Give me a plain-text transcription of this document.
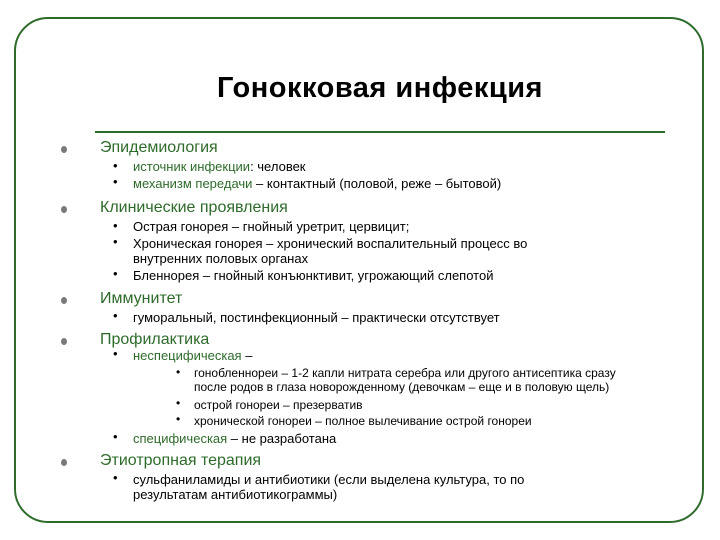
Гонокковая инфекция
Эпидемиология
• источник инфекции: человек
• механизм передачи – контактный (половой, реже – бытовой)
Клинические проявления
• Острая гонорея – гнойный уретрит, цервицит;
• Хроническая гонорея – хронический воспалительный процесс во
внутренних половых органах
• Бленнорея – гнойный конъюнктивит, угрожающий слепотой
Иммунитет
• гуморальный, постинфекционный – практически отсутствует
Профилактика
• неспецифическая –
• гонобленнореи – 1-2 капли нитрата серебра или другого антисептика сразу
после родов в глаза новорожденному (девочкам – еще и в половую щель)
• острой гонореи – презерватив
• хронической гонореи – полное вылечивание острой гонореи
• специфическая – не разработана
Этиотропная терапия
• сульфаниламиды и антибиотики (если выделена культура, то по
результатам антибиотикограммы)
